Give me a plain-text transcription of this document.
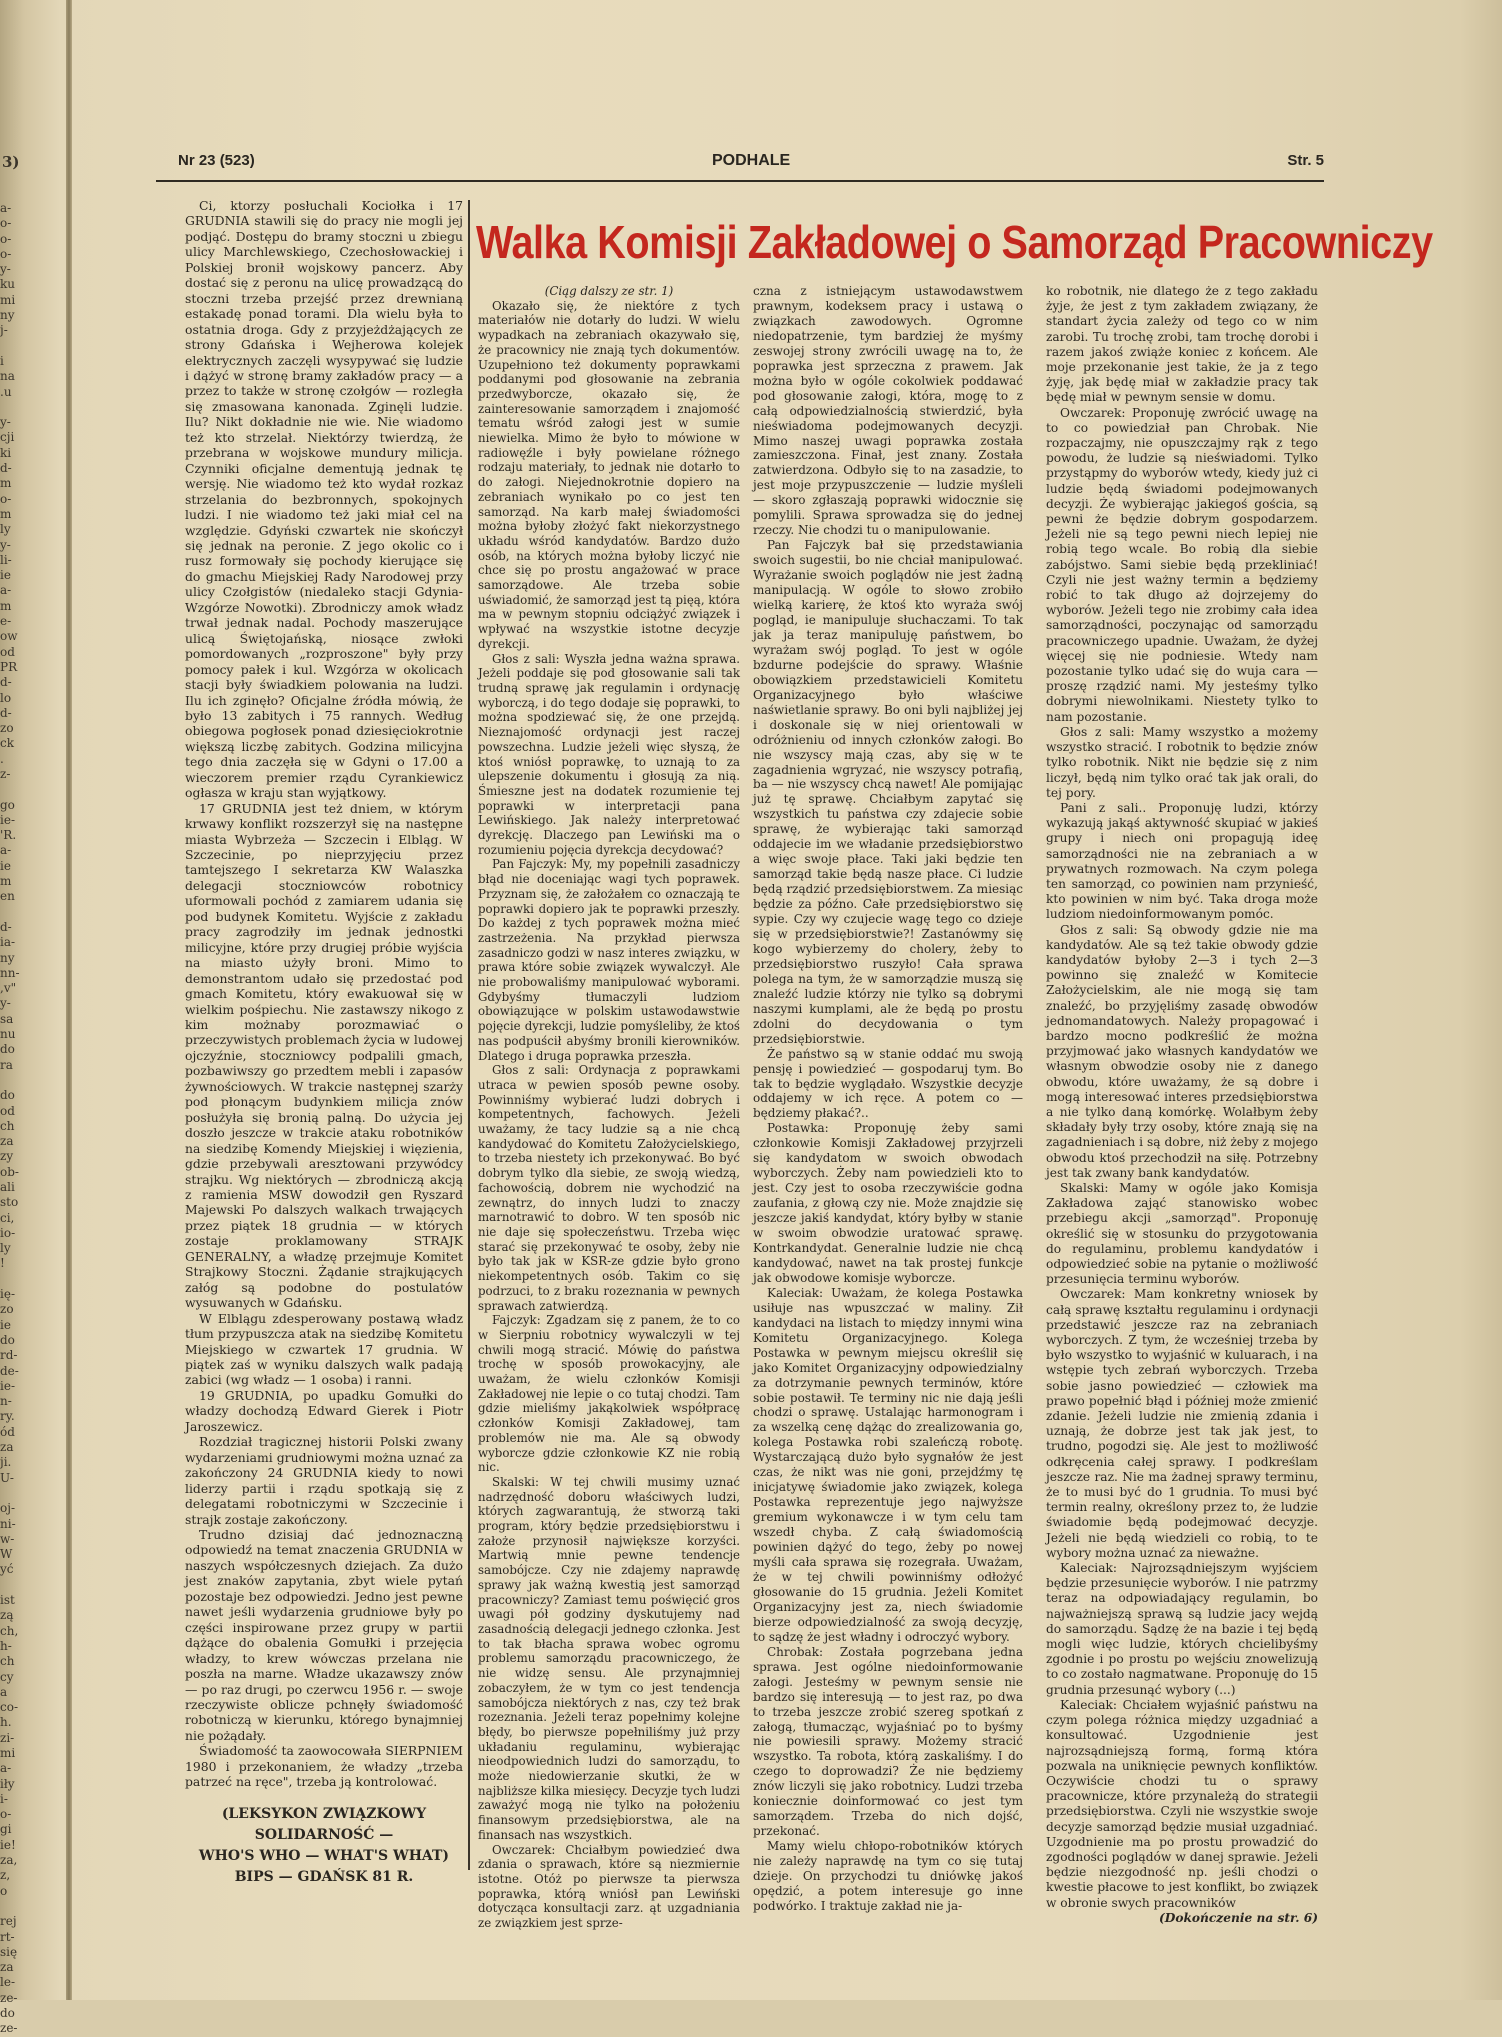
3)
a-
o-
o-
o-
y-
ku
mi
ny
j-

i
na
.u

y-
cji
ki
d-
m
o-
m
ly
y-
li-
ie
a-
m
e-
ow
od
PR
d-
lo
d-
zo
ck
.
z-

go
ie-
'R.
a-
ie
m
en

d-
ia-
ny
nn-
,v"
y-
sa
nu
do
ra

do
od
ch
za
zy
ob-
ali
sto
ci,
io-
ly
!

ię-
zo
ie
do
rd-
de-
ie-
n-
ry.
ód
za
ji.
U-

oj-
ni-
w-
W
yć

ist
zą
ch,
h-
ch
cy
a
co-
h.
zi-
mi
a-
iły
i-
o-
gi
ie!
za,
z,
o

rej
rt-
się
za
le-
ze-
do
ze-
Nr 23 (523)	PODHALE	Str. 5

Ci, ktorzy posłuchali Kociołka i 17 GRUDNIA stawili się do pracy nie mogli jej podjąć. Dostępu do bramy stoczni u zbiegu ulicy Marchlewskiego, Czechosłowackiej i Polskiej bronił wojskowy pancerz. Aby dostać się z peronu na ulicę prowadzącą do stoczni trzeba przejść przez drewnianą estakadę ponad torami. Dla wielu była to ostatnia droga. Gdy z przyjeżdżających ze strony Gdańska i Wejherowa kolejek elektrycznych zaczęli wysypywać się ludzie i dążyć w stronę bramy zakładów pracy — a przez to także w stronę czołgów — rozległa się zmasowana kanonada. Zginęli ludzie. Ilu? Nikt dokładnie nie wie. Nie wiadomo też kto strzelał. Niektórzy twierdzą, że przebrana w wojskowe mundury milicja. Czynniki oficjalne dementują jednak tę wersję. Nie wiadomo też kto wydał rozkaz strzelania do bezbronnych, spokojnych ludzi. I nie wiadomo też jaki miał cel na względzie. Gdyński czwartek nie skończył się jednak na peronie. Z jego okolic co i rusz formowały się pochody kierujące się do gmachu Miejskiej Rady Narodowej przy ulicy Czołgistów (niedaleko stacji Gdynia-Wzgórze Nowotki). Zbrodniczy amok władz trwał jednak nadal. Pochody maszerujące ulicą Świętojańską, niosące zwłoki pomordowanych „rozproszone" były przy pomocy pałek i kul. Wzgórza w okolicach stacji były świadkiem polowania na ludzi. Ilu ich zginęło? Oficjalne źródła mówią, że było 13 zabitych i 75 rannych. Według obiegowa pogłosek ponad dziesięciokrotnie większą liczbę zabitych. Godzina milicyjna tego dnia zaczęła się w Gdyni o 17.00 a wieczorem premier rządu Cyrankiewicz ogłasza w kraju stan wyjątkowy.

17 GRUDNIA jest też dniem, w którym krwawy konflikt rozszerzył się na następne miasta Wybrzeża — Szczecin i Elbląg. W Szczecinie, po nieprzyjęciu przez tamtejszego I sekretarza KW Walaszka delegacji stoczniowców robotnicy uformowali pochód z zamiarem udania się pod budynek Komitetu. Wyjście z zakładu pracy zagrodziły im jednak jednostki milicyjne, które przy drugiej próbie wyjścia na miasto użyły broni. Mimo to demonstrantom udało się przedostać pod gmach Komitetu, który ewakuował się w wielkim pośpiechu. Nie zastawszy nikogo z kim możnaby porozmawiać o przeczywistych problemach życia w ludowej ojczyźnie, stoczniowcy podpalili gmach, pozbawiwszy go przedtem mebli i zapasów żywnościowych. W trakcie następnej szarży pod płonącym budynkiem milicja znów posłużyła się bronią palną. Do użycia jej doszło jeszcze w trakcie ataku robotników na siedzibę Komendy Miejskiej i więzienia, gdzie przebywali aresztowani przywódcy strajku. Wg niektórych — zbrodniczą akcją z ramienia MSW dowodził gen Ryszard Majewski Po dalszych walkach trwających przez piątek 18 grudnia — w których zostaje proklamowany STRAJK GENERALNY, a władzę przejmuje Komitet Strajkowy Stoczni. Żądanie strajkujących załóg są podobne do postulatów wysuwanych w Gdańsku.

W Elblągu zdesperowany postawą władz tłum przypuszcza atak na siedzibę Komitetu Miejskiego w czwartek 17 grudnia. W piątek zaś w wyniku dalszych walk padają zabici (wg władz — 1 osoba) i ranni.

19 GRUDNIA, po upadku Gomułki do władzy dochodzą Edward Gierek i Piotr Jaroszewicz.

Rozdział tragicznej historii Polski zwany wydarzeniami grudniowymi można uznać za zakończony 24 GRUDNIA kiedy to nowi liderzy partii i rządu spotkają się z delegatami robotniczymi w Szczecinie i strajk zostaje zakończony.

Trudno dzisiaj dać jednoznaczną odpowiedź na temat znaczenia GRUDNIA w naszych współczesnych dziejach. Za dużo jest znaków zapytania, zbyt wiele pytań pozostaje bez odpowiedzi. Jedno jest pewne nawet jeśli wydarzenia grudniowe były po części inspirowane przez grupy w partii dążące do obalenia Gomułki i przejęcia władzy, to krew wówczas przelana nie poszła na marne. Władze ukazawszy znów — po raz drugi, po czerwcu 1956 r. — swoje rzeczywiste oblicze pchnęły świadomość robotniczą w kierunku, którego bynajmniej nie pożądały.

Świadomość ta zaowocowała SIERPNIEM 1980 i przekonaniem, że władzy „trzeba patrzeć na ręce", trzeba ją kontrolować.

(LEKSYKON ZWIĄZKOWY
SOLIDARNOŚĆ —
WHO'S WHO — WHAT'S WHAT)
BIPS — GDAŃSK 81 R.
Walka Komisji Zakładowej o Samorząd Pracowniczy

(Ciąg dalszy ze str. 1)

Okazało się, że niektóre z tych materiałów nie dotarły do ludzi. W wielu wypadkach na zebraniach okazywało się, że pracownicy nie znają tych dokumentów. Uzupełniono też dokumenty poprawkami poddanymi pod głosowanie na zebrania przedwyborcze, okazało się, że zainteresowanie samorządem i znajomość tematu wśród załogi jest w sumie niewielka. Mimo że było to mówione w radiowęźle i były powielane różnego rodzaju materiały, to jednak nie dotarło to do załogi. Niejednokrotnie dopiero na zebraniach wynikało po co jest ten samorząd. Na karb małej świadomości można byłoby złożyć fakt niekorzystnego układu wśród kandydatów. Bardzo dużo osób, na których można byłoby liczyć nie chce się po prostu angażować w prace samorządowe. Ale trzeba sobie uświadomić, że samorząd jest tą pięą, która ma w pewnym stopniu odciążyć związek i wpływać na wszystkie istotne decyzje dyrekcji.

Głos z sali: Wyszła jedna ważna sprawa. Jeżeli poddaje się pod głosowanie sali tak trudną sprawę jak regulamin i ordynację wyborczą, i do tego dodaje się poprawki, to można spodziewać się, że one przejdą. Nieznajomość ordynacji jest raczej powszechna. Ludzie jeżeli więc słyszą, że ktoś wniósł poprawkę, to uznają to za ulepszenie dokumentu i głosują za nią. Śmieszne jest na dodatek rozumienie tej poprawki w interpretacji pana Lewińskiego. Jak należy interpretować dyrekcję. Dlaczego pan Lewiński ma o rozumieniu pojęcia dyrekcja decydować?

Pan Fajczyk: My, my popełnili zasadniczy błąd nie doceniając wagi tych poprawek. Przyznam się, że założałem co oznaczają te poprawki dopiero jak te poprawki przeszły. Do każdej z tych poprawek można mieć zastrzeżenia. Na przykład pierwsza zasadniczo godzi w nasz interes związku, w prawa które sobie związek wywalczył. Ale nie probowaliśmy manipulować wyborami. Gdybyśmy tłumaczyli ludziom obowiązujące w polskim ustawodawstwie pojęcie dyrekcji, ludzie pomyśleliby, że ktoś nas podpuścił abyśmy bronili kierowników. Dlatego i druga poprawka przeszła.

Głos z sali: Ordynacja z poprawkami utraca w pewien sposób pewne osoby. Powinniśmy wybierać ludzi dobrych i kompetentnych, fachowych. Jeżeli uważamy, że tacy ludzie są a nie chcą kandydować do Komitetu Założycielskiego, to trzeba niestety ich przekonywać. Bo być dobrym tylko dla siebie, ze swoją wiedzą, fachowością, dobrem nie wychodzić na zewnątrz, do innych ludzi to znaczy marnotrawić to dobro. W ten sposób nic nie daje się społeczeństwu. Trzeba więc starać się przekonywać te osoby, żeby nie było tak jak w KSR-ze gdzie było grono niekompetentnych osób. Takim co się podrzuci, to z braku rozeznania w pewnych sprawach zatwierdzą.

Fajczyk: Zgadzam się z panem, że to co w Sierpniu robotnicy wywalczyli w tej chwili mogą stracić. Mówię do państwa trochę w sposób prowokacyjny, ale uważam, że wielu członków Komisji Zakładowej nie lepie o co tutaj chodzi. Tam gdzie mieliśmy jakąkolwiek współpracę członków Komisji Zakładowej, tam problemów nie ma. Ale są obwody wyborcze gdzie członkowie KZ nie robią nic.

Skalski: W tej chwili musimy uznać nadrzędność doboru właściwych ludzi, których zagwarantują, że stworzą taki program, który będzie przedsiębiorstwu i założe przynosił największe korzyści. Martwią mnie pewne tendencje samobójcze. Czy nie zdajemy naprawdę sprawy jak ważną kwestią jest samorząd pracowniczy? Zamiast temu poświęcić gros uwagi pół godziny dyskutujemy nad zasadnością delegacji jednego członka. Jest to tak błacha sprawa wobec ogromu problemu samorządu pracowniczego, że nie widzę sensu. Ale przynajmniej zobaczyłem, że w tym co jest tendencja samobójcza niektórych z nas, czy też brak rozeznania. Jeżeli teraz popełnimy kolejne błędy, bo pierwsze popełniliśmy już przy układaniu regulaminu, wybierając nieodpowiednich ludzi do samorządu, to może niedowierzanie skutki, że w najbliższe kilka miesięcy. Decyzje tych ludzi zaważyć mogą nie tylko na położeniu finansowym przedsiębiorstwa, ale na finansach nas wszystkich.

Owczarek: Chciałbym powiedzieć dwa zdania o sprawach, które są niezmiernie istotne. Otóż po pierwsze ta pierwsza poprawka, którą wniósł pan Lewiński dotycząca konsultacji zarz. ąt uzgadniania ze związkiem jest sprze-

czna z istniejącym ustawodawstwem prawnym, kodeksem pracy i ustawą o związkach zawodowych. Ogromne niedopatrzenie, tym bardziej że myśmy zeswojej strony zwrócili uwagę na to, że poprawka jest sprzeczna z prawem. Jak można było w ogóle cokolwiek poddawać pod głosowanie załogi, która, mogę to z całą odpowiedzialnością stwierdzić, była nieświadoma podejmowanych decyzji. Mimo naszej uwagi poprawka została zamieszczona. Finał, jest znany. Została zatwierdzona. Odbyło się to na zasadzie, to jest moje przypuszczenie — ludzie myśleli — skoro zgłaszają poprawki widocznie się pomylili. Sprawa sprowadza się do jednej rzeczy. Nie chodzi tu o manipulowanie.

Pan Fajczyk bał się przedstawiania swoich sugestii, bo nie chciał manipulować. Wyrażanie swoich poglądów nie jest żadną manipulacją. W ogóle to słowo zrobiło wielką karierę, że ktoś kto wyraża swój pogląd, ie manipuluje słuchaczami. To tak jak ja teraz manipuluję państwem, bo wyrażam swój pogląd. To jest w ogóle bzdurne podejście do sprawy. Właśnie obowiązkiem przedstawicieli Komitetu Organizacyjnego było właściwe naświetlanie sprawy. Bo oni byli najbliżej jej i doskonale się w niej orientowali w odróżnieniu od innych członków załogi. Bo nie wszyscy mają czas, aby się w te zagadnienia wgryzać, nie wszyscy potrafią, ba — nie wszyscy chcą nawet! Ale pomijając już tę sprawę. Chciałbym zapytać się wszystkich tu państwa czy zdajecie sobie sprawę, że wybierając taki samorząd oddajecie im we władanie przedsiębiorstwo a więc swoje płace. Taki jaki będzie ten samorząd takie będą nasze płace. Ci ludzie będą rządzić przedsiębiorstwem. Za miesiąc będzie za późno. Całe przedsiębiorstwo się sypie. Czy wy czujecie wagę tego co dzieje się w przedsiębiorstwie?! Zastanówmy się kogo wybierzemy do cholery, żeby to przedsiębiorstwo ruszyło! Cała sprawa polega na tym, że w samorządzie muszą się znaleźć ludzie którzy nie tylko są dobrymi naszymi kumplami, ale że będą po prostu zdolni do decydowania o tym przedsiębiorstwie.

Że państwo są w stanie oddać mu swoją pensję i powiedzieć — gospodaruj tym. Bo tak to będzie wyglądało. Wszystkie decyzje oddajemy w ich ręce. A potem co — będziemy płakać?..

Postawka: Proponuję żeby sami członkowie Komisji Zakładowej przyjrzeli się kandydatom w swoich obwodach wyborczych. Żeby nam powiedzieli kto to jest. Czy jest to osoba rzeczywiście godna zaufania, z głową czy nie. Może znajdzie się jeszcze jakiś kandydat, który byłby w stanie w swoim obwodzie uratować sprawę. Kontrkandydat. Generalnie ludzie nie chcą kandydować, nawet na tak prostej funkcje jak obwodowe komisje wyborcze.

Kaleciak: Uważam, że kolega Postawka usiłuje nas wpuszczać w maliny. Ził kandydaci na listach to między innymi wina Komitetu Organizacyjnego. Kolega Postawka w pewnym miejscu określił się jako Komitet Organizacyjny odpowiedzialny za dotrzymanie pewnych terminów, które sobie postawił. Te terminy nic nie dają jeśli chodzi o sprawę. Ustalając harmonogram i za wszelką cenę dążąc do zrealizowania go, kolega Postawka robi szaleńczą robotę. Wystarczającą dużo było sygnałów że jest czas, że nikt was nie goni, przejdźmy tę inicjatywę świadomie jako związek, kolega Postawka reprezentuje jego najwyższe gremium wykonawcze i w tym celu tam wszedł chyba. Z całą świadomością powinien dążyć do tego, żeby po nowej myśli cała sprawa się rozegrała. Uważam, że w tej chwili powinniśmy odłożyć głosowanie do 15 grudnia. Jeżeli Komitet Organizacyjny jest za, niech świadomie bierze odpowiedzialność za swoją decyzję, to sądzę że jest władny i odroczyć wybory.

Chrobak: Została pogrzebana jedna sprawa. Jest ogólne niedoinformowanie załogi. Jesteśmy w pewnym sensie nie bardzo się interesują — to jest raz, po dwa to trzeba jeszcze zrobić szereg spotkań z załogą, tłumacząc, wyjaśniać po to byśmy nie powiesili sprawy. Możemy stracić wszystko. Ta robota, którą zaskaliśmy. I do czego to doprowadzi? Że nie będziemy znów liczyli się jako robotnicy. Ludzi trzeba koniecznie doinformować co jest tym samorządem. Trzeba do nich dojść, przekonać.

Mamy wielu chłopo-robotników których nie zależy naprawdę na tym co się tutaj dzieje. On przychodzi tu dniówkę jakoś opędzić, a potem interesuje go inne podwórko. I traktuje zakład nie ja-

ko robotnik, nie dlatego że z tego zakładu żyje, że jest z tym zakładem związany, że standart życia zależy od tego co w nim zarobi. Tu trochę zrobi, tam trochę dorobi i razem jakoś zwiąże koniec z końcem. Ale moje przekonanie jest takie, że ja z tego żyję, jak będę miał w zakładzie pracy tak będę miał w pewnym sensie w domu.

Owczarek: Proponuję zwrócić uwagę na to co powiedział pan Chrobak. Nie rozpaczajmy, nie opuszczajmy rąk z tego powodu, że ludzie są nieświadomi. Tylko przystąpmy do wyborów wtedy, kiedy już ci ludzie będą świadomi podejmowanych decyzji. Że wybierając jakiegoś gościa, są pewni że będzie dobrym gospodarzem. Jeżeli nie są tego pewni niech lepiej nie robią tego wcale. Bo robią dla siebie zabójstwo. Sami siebie będą przekliniać! Czyli nie jest ważny termin a będziemy robić to tak długo aż dojrzejemy do wyborów. Jeżeli tego nie zrobimy cała idea samorządności, poczynając od samorządu pracowniczego upadnie. Uważam, że dyżej więcej się nie podniesie. Wtedy nam pozostanie tylko udać się do wuja cara — proszę rządzić nami. My jesteśmy tylko dobrymi niewolnikami. Niestety tylko to nam pozostanie.

Głos z sali: Mamy wszystko a możemy wszystko stracić. I robotnik to będzie znów tylko robotnik. Nikt nie będzie się z nim liczył, będą nim tylko orać tak jak orali, do tej pory.

Pani z sali.. Proponuję ludzi, którzy wykazują jakąś aktywność skupiać w jakieś grupy i niech oni propagują ideę samorządności nie na zebraniach a w prywatnych rozmowach. Na czym polega ten samorząd, co powinien nam przynieść, kto powinien w nim być. Taka droga może ludziom niedoinformowanym pomóc.

Głos z sali: Są obwody gdzie nie ma kandydatów. Ale są też takie obwody gdzie kandydatów byłoby 2—3 i tych 2—3 powinno się znaleźć w Komitecie Założycielskim, ale nie mogą się tam znaleźć, bo przyjęliśmy zasadę obwodów jednomandatowych. Należy propagować i bardzo mocno podkreślić że można przyjmować jako własnych kandydatów we własnym obwodzie osoby nie z danego obwodu, które uważamy, że są dobre i mogą interesować interes przedsiębiorstwa a nie tylko daną komórkę. Wolałbym żeby składały były trzy osoby, które znają się na zagadnieniach i są dobre, niż żeby z mojego obwodu ktoś przechodził na siłę. Potrzebny jest tak zwany bank kandydatów.

Skalski: Mamy w ogóle jako Komisja Zakładowa zająć stanowisko wobec przebiegu akcji „samorząd". Proponuję określić się w stosunku do przygotowania do regulaminu, problemu kandydatów i odpowiedzieć sobie na pytanie o możliwość przesunięcia terminu wyborów.

Owczarek: Mam konkretny wniosek by całą sprawę kształtu regulaminu i ordynacji przedstawić jeszcze raz na zebraniach wyborczych. Z tym, że wcześniej trzeba by było wszystko to wyjaśnić w kuluarach, i na wstępie tych zebrań wyborczych. Trzeba sobie jasno powiedzieć — człowiek ma prawo popełnić błąd i później może zmienić zdanie. Jeżeli ludzie nie zmienią zdania i uznają, że dobrze jest tak jak jest, to trudno, pogodzi się. Ale jest to możliwość odkręcenia całej sprawy. I podkreślam jeszcze raz. Nie ma żadnej sprawy terminu, że to musi być do 1 grudnia. To musi być termin realny, określony przez to, że ludzie świadomie będą podejmować decyzje. Jeżeli nie będą wiedzieli co robią, to te wybory można uznać za nieważne.

Kaleciak: Najrozsądniejszym wyjściem będzie przesunięcie wyborów. I nie patrzmy teraz na odpowiadający regulamin, bo najważniejszą sprawą są ludzie jacy wejdą do samorządu. Sądzę że na bazie i tej będą mogli więc ludzie, których chcielibyśmy zgodnie i po prostu po wejściu znowelizują to co zostało nagmatwane. Proponuję do 15 grudnia przesunąć wybory (...)

Kaleciak: Chciałem wyjaśnić państwu na czym polega różnica między uzgadniać a konsultować. Uzgodnienie jest najrozsądniejszą formą, formą która pozwala na uniknięcie pewnych konfliktów. Oczywiście chodzi tu o sprawy pracownicze, które przynależą do strategii przedsiębiorstwa. Czyli nie wszystkie swoje decyzje samorząd będzie musiał uzgadniać. Uzgodnienie ma po prostu prowadzić do zgodności poglądów w danej sprawie. Jeżeli będzie niezgodność np. jeśli chodzi o kwestie płacowe to jest konflikt, bo związek w obronie swych pracowników

(Dokończenie na str. 6)
